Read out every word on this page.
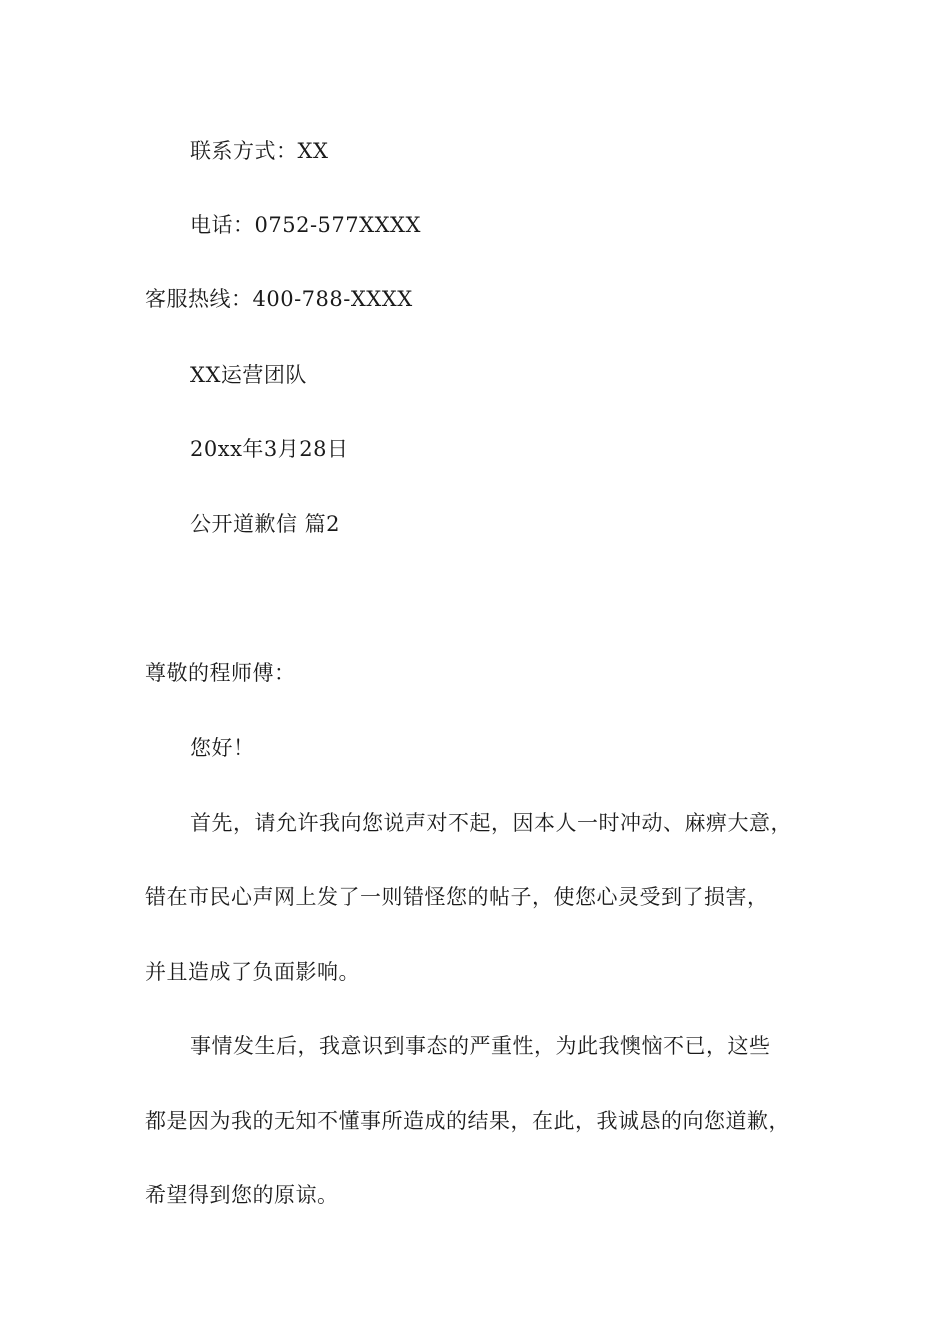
联系方式：XX
电话：0752-577XXXX
客服热线：400-788-XXXX
XX运营团队
20xx年3月28日
公开道歉信 篇2
尊敬的程师傅：
您好！
首先，请允许我向您说声对不起，因本人一时冲动、麻痹大意，
错在市民心声网上发了一则错怪您的帖子，使您心灵受到了损害，
并且造成了负面影响。
事情发生后，我意识到事态的严重性，为此我懊恼不已，这些
都是因为我的无知不懂事所造成的结果，在此，我诚恳的向您道歉，
希望得到您的原谅。
